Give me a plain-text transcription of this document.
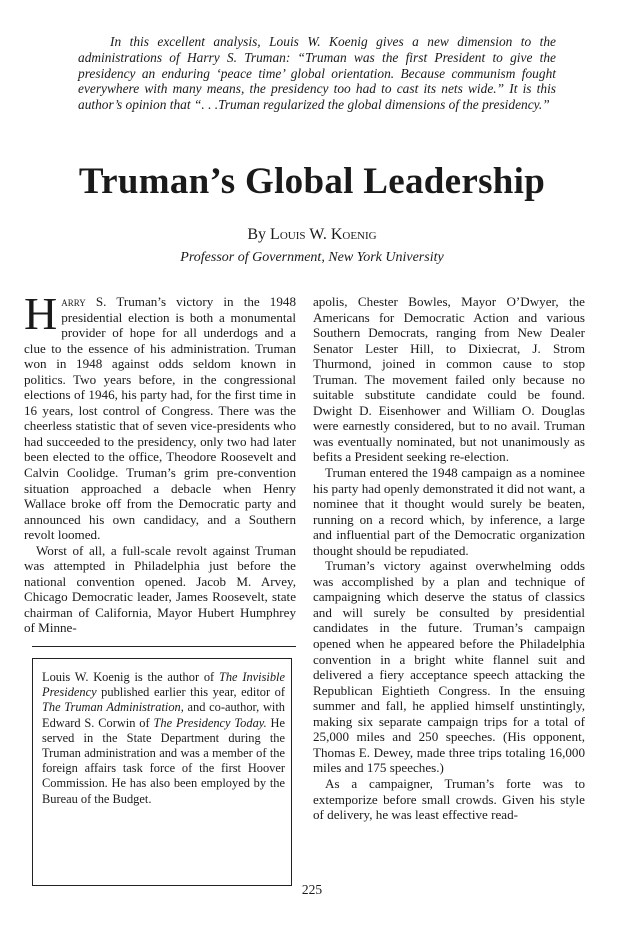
In this excellent analysis, Louis W. Koenig gives a new dimension to the administrations of Harry S. Truman: “Truman was the first President to give the presidency an enduring ‘peace time’ global orientation. Because communism fought everywhere with many means, the presidency too had to cast its nets wide.” It is this author’s opinion that “. . .Truman regularized the global dimensions of the presidency.”

Truman’s Global Leadership
By Louis W. Koenig
Professor of Government, New York University

Harry S. Truman’s victory in the 1948 presidential election is both a monumental provider of hope for all underdogs and a clue to the essence of his administration. Truman won in 1948 against odds seldom known in politics. Two years before, in the congressional elections of 1946, his party had, for the first time in 16 years, lost control of Congress. There was the cheerless statistic that of seven vice-presidents who had succeeded to the presidency, only two had later been elected to the office, Theodore Roosevelt and Calvin Coolidge. Truman’s grim pre-convention situation approached a debacle when Henry Wallace broke off from the Democratic party and announced his own candidacy, and a Southern revolt loomed.

Worst of all, a full-scale revolt against Truman was attempted in Philadelphia just before the national convention opened. Jacob M. Arvey, Chicago Democratic leader, James Roosevelt, state chairman of California, Mayor Hubert Humphrey of Minne-

Louis W. Koenig is the author of The Invisible Presidency published earlier this year, editor of The Truman Administration, and co-author, with Edward S. Corwin of The Presidency Today. He served in the State Department during the Truman administration and was a member of the foreign affairs task force of the first Hoover Commission. He has also been employed by the Bureau of the Budget.

apolis, Chester Bowles, Mayor O’Dwyer, the Americans for Democratic Action and various Southern Democrats, ranging from New Dealer Senator Lester Hill, to Dixiecrat, J. Strom Thurmond, joined in common cause to stop Truman. The movement failed only because no suitable substitute candidate could be found. Dwight D. Eisenhower and William O. Douglas were earnestly considered, but to no avail. Truman was eventually nominated, but not unanimously as befits a President seeking re-election.

Truman entered the 1948 campaign as a nominee his party had openly demonstrated it did not want, a nominee that it thought would surely be beaten, running on a record which, by inference, a large and influential part of the Democratic organization thought should be repudiated.

Truman’s victory against overwhelming odds was accomplished by a plan and technique of campaigning which deserve the status of classics and will surely be consulted by presidential candidates in the future. Truman’s campaign opened when he appeared before the Philadelphia convention in a bright white flannel suit and delivered a fiery acceptance speech attacking the Republican Eightieth Congress. In the ensuing summer and fall, he applied himself unstintingly, making six separate campaign trips for a total of 25,000 miles and 250 speeches. (His opponent, Thomas E. Dewey, made three trips totaling 16,000 miles and 175 speeches.)

As a campaigner, Truman’s forte was to extemporize before small crowds. Given his style of delivery, he was least effective read-

225
